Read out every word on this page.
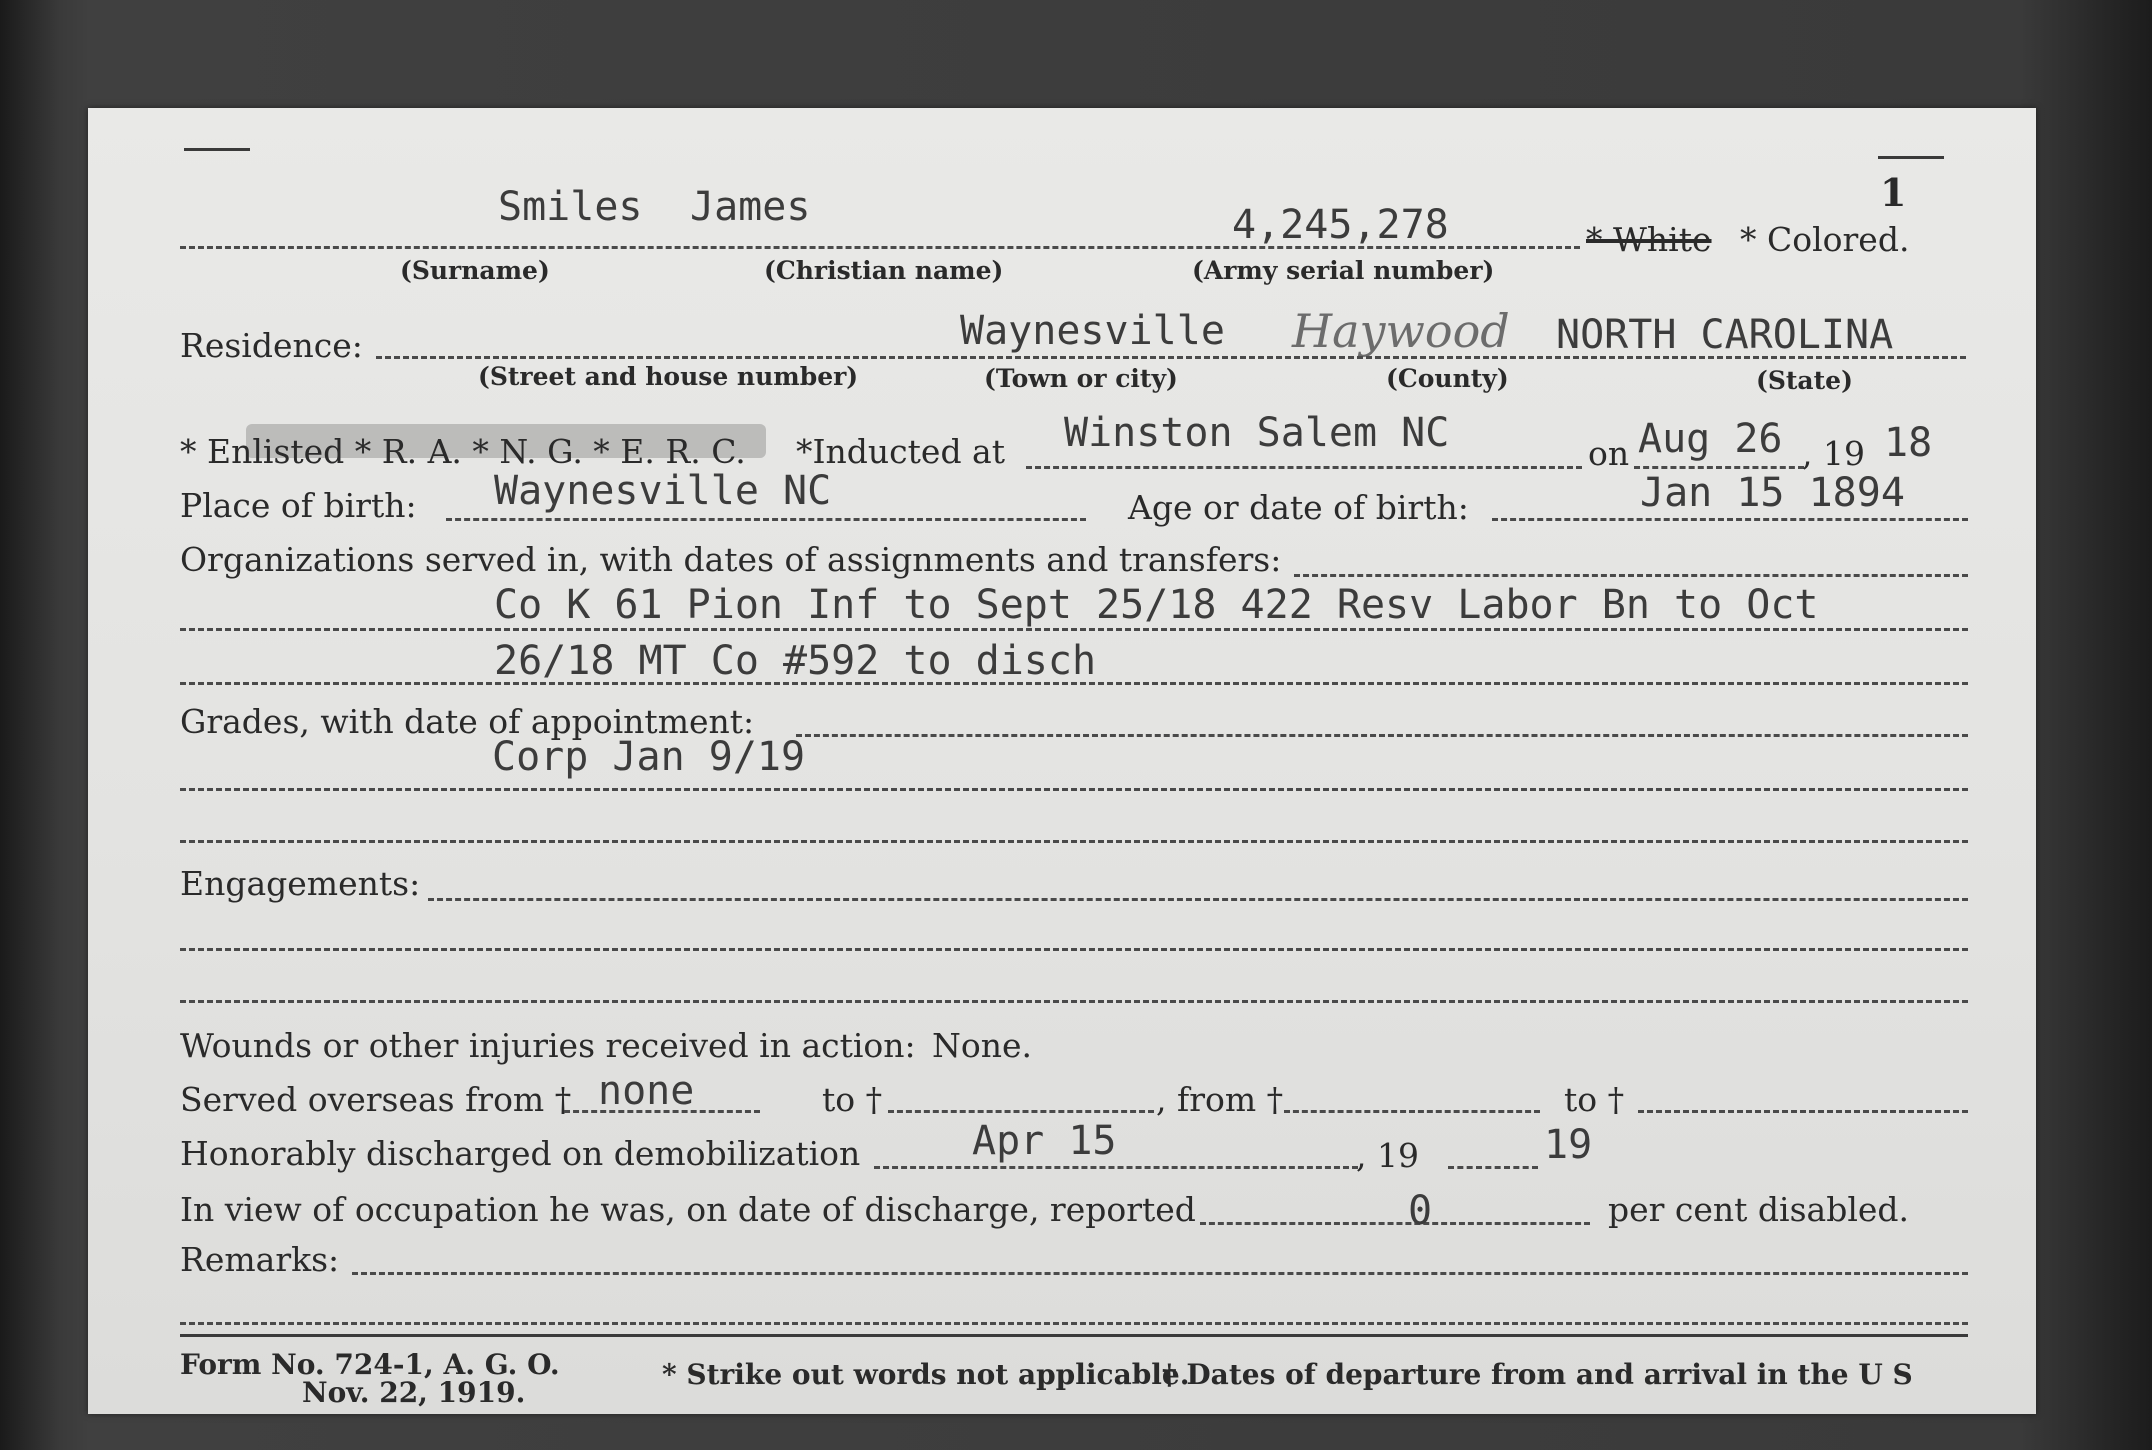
1
Smiles James	4,245,278	* White * Colored.
(Surname)	(Christian name)	(Army serial number)
Residence:	Waynesville Haywood NORTH CAROLINA
(Street and house number)	(Town or city)	(County)	(State)
* Enlisted * R. A. * N. G. * E. R. C. *Inducted at Winston Salem NC	on Aug 26 , 19 18
Place of birth: Waynesville NC	Age or date of birth:	Jan 15 1894
Organizations served in, with dates of assignments and transfers:
Co K 61 Pion Inf to Sept 25/18 422 Resv Labor Bn to Oct
26/18 MT Co #592 to disch
Grades, with date of appointment:
Corp Jan 9/19
Engagements:
Wounds or other injuries received in action: None.
Served overseas from † none	to †	, from †	to †
Honorably discharged on demobilization	Apr 15	, 19	19
In view of occupation he was, on date of discharge, reported	0	per cent disabled.
Remarks:
Form No. 724-1, A. G. O.
Nov. 22, 1919.
* Strike out words not applicable.
† Dates of departure from and arrival in the U S
